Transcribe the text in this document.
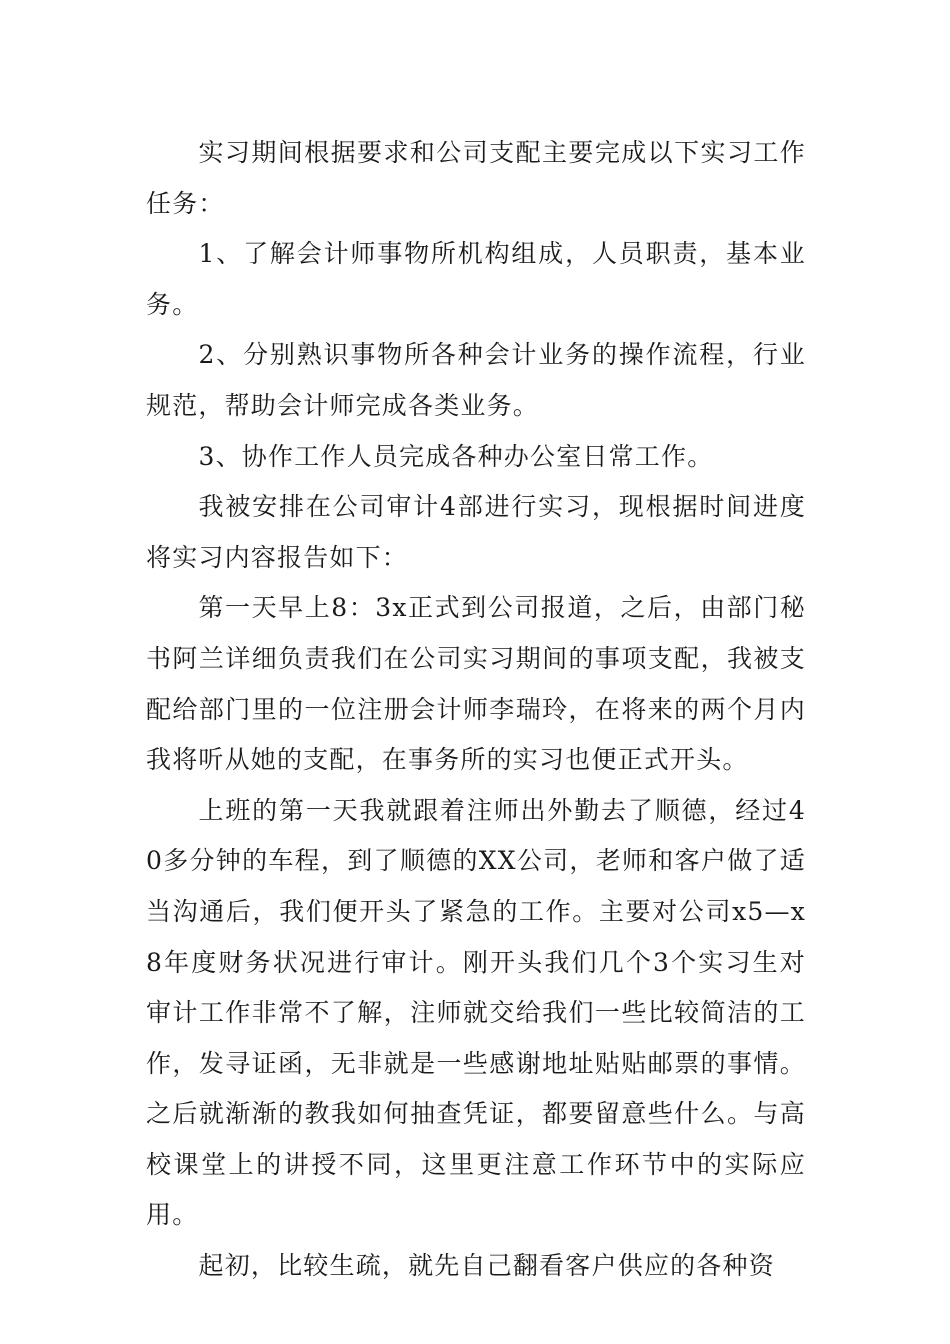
实习期间根据要求和公司支配主要完成以下实习工作任务：

1、了解会计师事物所机构组成，人员职责，基本业务。

2、分别熟识事物所各种会计业务的操作流程，行业规范，帮助会计师完成各类业务。

3、协作工作人员完成各种办公室日常工作。

我被安排在公司审计4部进行实习，现根据时间进度将实习内容报告如下：

第一天早上8：3x正式到公司报道，之后，由部门秘书阿兰详细负责我们在公司实习期间的事项支配，我被支配给部门里的一位注册会计师李瑞玲，在将来的两个月内我将听从她的支配，在事务所的实习也便正式开头。

上班的第一天我就跟着注师出外勤去了顺德，经过40多分钟的车程，到了顺德的XX公司，老师和客户做了适当沟通后，我们便开头了紧急的工作。主要对公司x5—x8年度财务状况进行审计。刚开头我们几个3个实习生对审计工作非常不了解，注师就交给我们一些比较简洁的工作，发寻证函，无非就是一些感谢地址贴贴邮票的事情。之后就渐渐的教我如何抽查凭证，都要留意些什么。与高校课堂上的讲授不同，这里更注意工作环节中的实际应用。

起初，比较生疏，就先自己翻看客户供应的各种资
